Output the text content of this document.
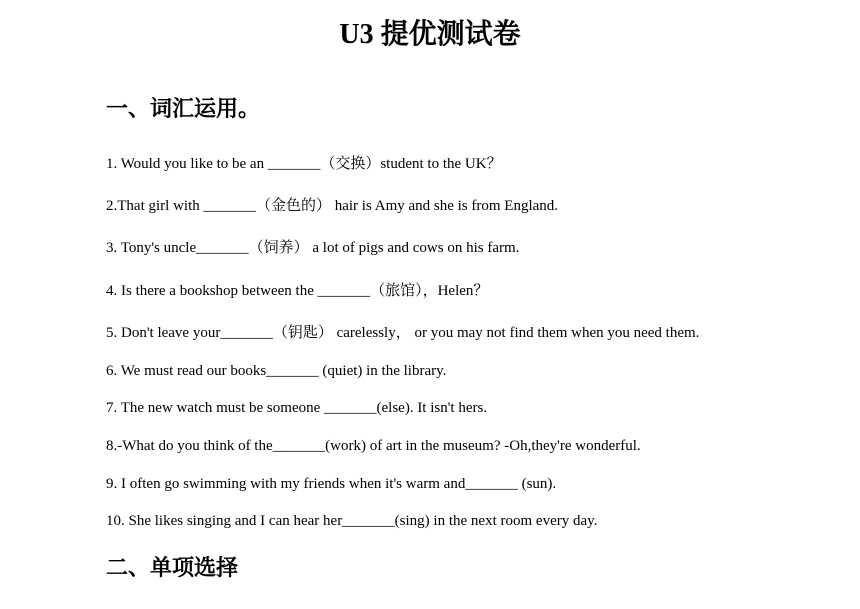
U3 提优测试卷
一、词汇运用。
1. Would you like to be an _______（交换）student to the UK？
2.That girl with _______（金色的） hair is Amy and she is from England.
3. Tony's uncle_______（饲养） a lot of pigs and cows on his farm.
4. Is there a bookshop between the _______（旅馆），Helen？
5. Don't leave your_______（钥匙） carelessly， or you may not find them when you need them.
6. We must read our books_______ (quiet) in the library.
7. The new watch must be someone _______(else). It isn't hers.
8.-What do you think of the_______(work) of art in the museum? -Oh,they're wonderful.
9. I often go swimming with my friends when it's warm and_______ (sun).
10. She likes singing and I can hear her_______(sing) in the next room every day.
二、单项选择
